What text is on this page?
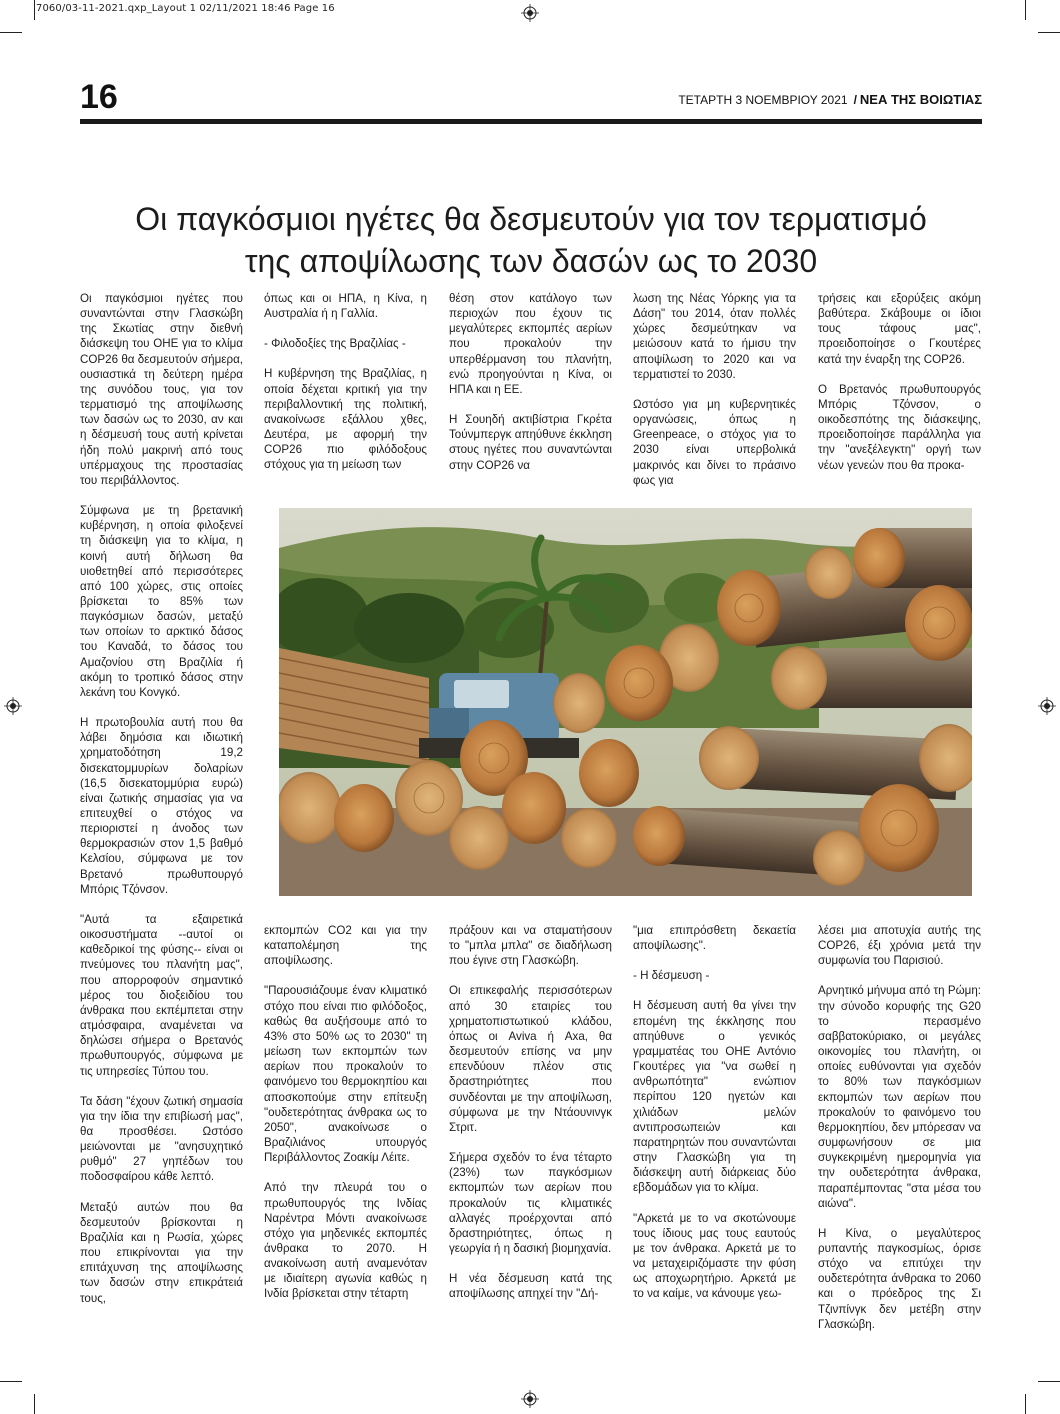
7060/03-11-2021.qxp_Layout 1 02/11/2021 18:46 Page 16
16	ΤΕΤΑΡΤΗ 3 ΝΟΕΜΒΡΙΟΥ 2021 / ΝΕΑ ΤΗΣ ΒΟΙΩΤΙΑΣ
Οι παγκόσμιοι ηγέτες θα δεσμευτούν για τον τερματισμό
της αποψίλωσης των δασών ως το 2030

Οι παγκόσμιοι ηγέτες που συναντώνται στην Γλασκώβη της Σκωτίας στην διεθνή διάσκεψη του ΟΗΕ για το κλίμα COP26 θα δεσμευτούν σήμερα, ουσιαστικά τη δεύτερη ημέρα της συνόδου τους, για τον τερματισμό της αποψίλωσης των δασών ως το 2030, αν και η δέσμευσή τους αυτή κρίνεται ήδη πολύ μακρινή από τους υπέρμαχους της προστασίας του περιβάλλοντος.

Σύμφωνα με τη βρετανική κυβέρνηση, η οποία φιλοξενεί τη διάσκεψη για το κλίμα, η κοινή αυτή δήλωση θα υιοθετηθεί από περισσότερες από 100 χώρες, στις οποίες βρίσκεται το 85% των παγκόσμιων δασών, μεταξύ των οποίων το αρκτικό δάσος του Καναδά, το δάσος του Αμαζονίου στη Βραζιλία ή ακόμη το τροπικό δάσος στην λεκάνη του Κονγκό.

Η πρωτοβουλία αυτή που θα λάβει δημόσια και ιδιωτική χρηματοδότηση 19,2 δισεκατομμυρίων δολαρίων (16,5 δισεκατομμύρια ευρώ) είναι ζωτικής σημασίας για να επιτευχθεί ο στόχος να περιοριστεί η άνοδος των θερμοκρασιών στον 1,5 βαθμό Κελσίου, σύμφωνα με τον Βρετανό πρωθυπουργό Μπόρις Τζόνσον.

"Αυτά τα εξαιρετικά οικοσυστήματα --αυτοί οι καθεδρικοί της φύσης-- είναι οι πνεύμονες του πλανήτη μας", που απορροφούν σημαντικό μέρος του διοξειδίου του άνθρακα που εκπέμπεται στην ατμόσφαιρα, αναμένεται να δηλώσει σήμερα ο Βρετανός πρωθυπουργός, σύμφωνα με τις υπηρεσίες Τύπου του.

Τα δάση "έχουν ζωτική σημασία για την ίδια την επιβίωσή μας", θα προσθέσει. Ωστόσο μειώνονται με "ανησυχητικό ρυθμό" 27 γηπέδων του ποδοσφαίρου κάθε λεπτό.

Μεταξύ αυτών που θα δεσμευτούν βρίσκονται η Βραζιλία και η Ρωσία, χώρες που επικρίνονται για την επιτάχυνση της αποψίλωσης των δασών στην επικράτειά τους,

όπως και οι ΗΠΑ, η Κίνα, η Αυστραλία ή η Γαλλία.

- Φιλοδοξίες της Βραζιλίας -

Η κυβέρνηση της Βραζιλίας, η οποία δέχεται κριτική για την περιβαλλοντική της πολιτική, ανακοίνωσε εξάλλου χθες, Δευτέρα, με αφορμή την COP26 πιο φιλόδοξους στόχους για τη μείωση των

θέση στον κατάλογο των περιοχών που έχουν τις μεγαλύτερες εκπομπές αερίων που προκαλούν την υπερθέρμανση του πλανήτη, ενώ προηγούνται η Κίνα, οι ΗΠΑ και η ΕΕ.

Η Σουηδή ακτιβίστρια Γκρέτα Τούνμπεργκ απηύθυνε έκκληση στους ηγέτες που συναντώνται στην COP26 να

λωση της Νέας Υόρκης για τα Δάση" του 2014, όταν πολλές χώρες δεσμεύτηκαν να μειώσουν κατά το ήμισυ την αποψίλωση το 2020 και να τερματιστεί το 2030.

Ωστόσο για μη κυβερνητικές οργανώσεις, όπως η Greenpeace, ο στόχος για το 2030 είναι υπερβολικά μακρινός και δίνει το πράσινο φως για

τρήσεις και εξορύξεις ακόμη βαθύτερα. Σκάβουμε οι ίδιοι τους τάφους μας", προειδοποίησε ο Γκουτέρες κατά την έναρξη της COP26.

Ο Βρετανός πρωθυπουργός Μπόρις Τζόνσον, ο οικοδεσπότης της διάσκεψης, προειδοποίησε παράλληλα για την "ανεξέλεγκτη" οργή των νέων γενεών που θα προκα-

εκπομπών CO2 και για την καταπολέμηση της αποψίλωσης.

"Παρουσιάζουμε έναν κλιματικό στόχο που είναι πιο φιλόδοξος, καθώς θα αυξήσουμε από το 43% στο 50% ως το 2030" τη μείωση των εκπομπών των αερίων που προκαλούν το φαινόμενο του θερμοκηπίου και αποσκοπούμε στην επίτευξη "ουδετερότητας άνθρακα ως το 2050", ανακοίνωσε ο Βραζιλιάνος υπουργός Περιβάλλοντος Ζοακίμ Λέιτε.

Από την πλευρά του ο πρωθυπουργός της Ινδίας Ναρέντρα Μόντι ανακοίνωσε στόχο για μηδενικές εκπομπές άνθρακα το 2070. Η ανακοίνωση αυτή αναμενόταν με ιδιαίτερη αγωνία καθώς η Ινδία βρίσκεται στην τέταρτη

πράξουν και να σταματήσουν το "μπλα μπλα" σε διαδήλωση που έγινε στη Γλασκώβη.

Οι επικεφαλής περισσότερων από 30 εταιρίες του χρηματοπιστωτικού κλάδου, όπως οι Aviva ή Axa, θα δεσμευτούν επίσης να μην επενδύουν πλέον στις δραστηριότητες που συνδέονται με την αποψίλωση, σύμφωνα με την Ντάουνινγκ Στριτ.

Σήμερα σχεδόν το ένα τέταρτο (23%) των παγκόσμιων εκπομπών των αερίων που προκαλούν τις κλιματικές αλλαγές προέρχονται από δραστηριότητες, όπως η γεωργία ή η δασική βιομηχανία.

Η νέα δέσμευση κατά της αποψίλωσης απηχεί την "Δή-

"μια επιπρόσθετη δεκαετία αποψίλωσης".

- Η δέσμευση -

Η δέσμευση αυτή θα γίνει την επομένη της έκκλησης που απηύθυνε ο γενικός γραμματέας του ΟΗΕ Αντόνιο Γκουτέρες για "να σωθεί η ανθρωπότητα" ενώπιον περίπου 120 ηγετών και χιλιάδων μελών αντιπροσωπειών και παρατηρητών που συναντώνται στην Γλασκώβη για τη διάσκεψη αυτή διάρκειας δύο εβδομάδων για το κλίμα.

"Αρκετά με το να σκοτώνουμε τους ίδιους μας τους εαυτούς με τον άνθρακα. Αρκετά με το να μεταχειριζόμαστε την φύση ως αποχωρητήριο. Αρκετά με το να καίμε, να κάνουμε γεω-

λέσει μια αποτυχία αυτής της COP26, έξι χρόνια μετά την συμφωνία του Παρισιού.

Αρνητικό μήνυμα από τη Ρώμη: την σύνοδο κορυφής της G20 το περασμένο σαββατοκύριακο, οι μεγάλες οικονομίες του πλανήτη, οι οποίες ευθύνονται για σχεδόν το 80% των παγκόσμιων εκπομπών των αερίων που προκαλούν το φαινόμενο του θερμοκηπίου, δεν μπόρεσαν να συμφωνήσουν σε μια συγκεκριμένη ημερομηνία για την ουδετερότητα άνθρακα, παραπέμποντας "στα μέσα του αιώνα".

Η Κίνα, ο μεγαλύτερος ρυπαντής παγκοσμίως, όρισε στόχο να επιτύχει την ουδετερότητα άνθρακα το 2060 και ο πρόεδρος της Σι Τζινπίνγκ δεν μετέβη στην Γλασκώβη.
